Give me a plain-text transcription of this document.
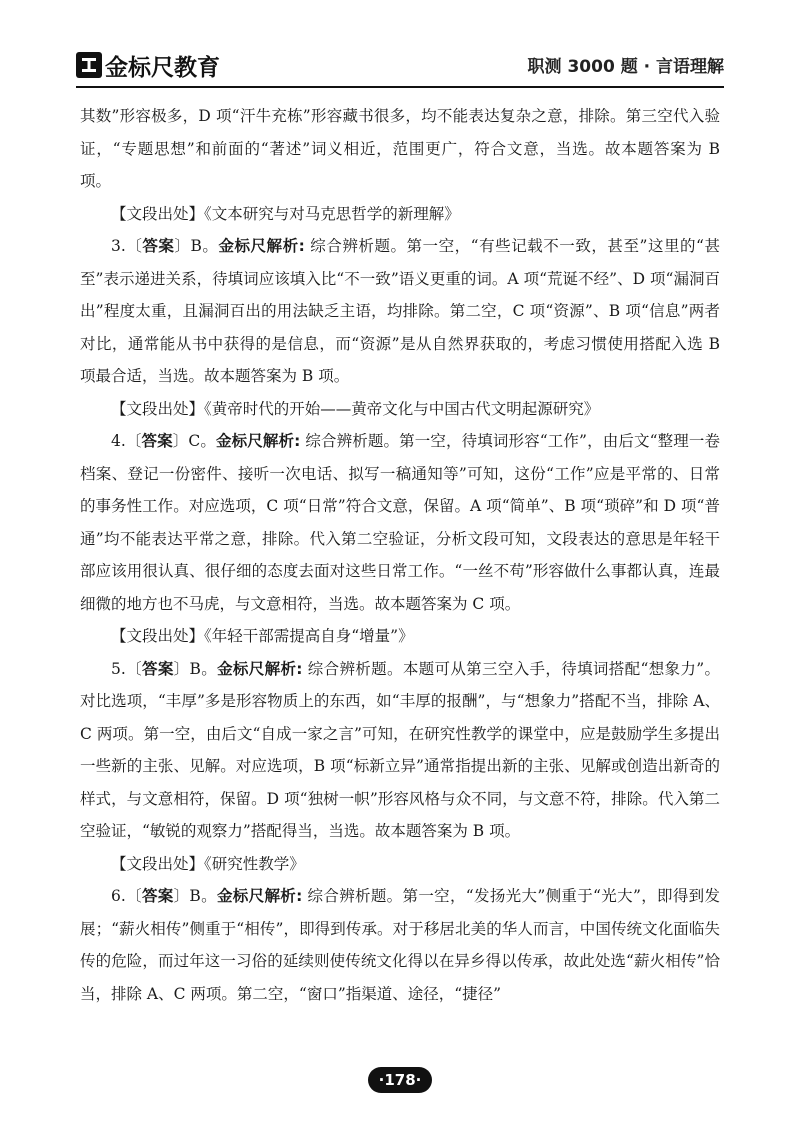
金标尺教育	职测 3000 题 · 言语理解

其数”形容极多，D 项“汗牛充栋”形容藏书很多，均不能表达复杂之意，排除。第三空代入验证，“专题思想”和前面的“著述”词义相近，范围更广，符合文意，当选。故本题答案为 B 项。

【文段出处】《文本研究与对马克思哲学的新理解》

3.〔答案〕B。金标尺解析: 综合辨析题。第一空，“有些记载不一致，甚至”这里的“甚至”表示递进关系，待填词应该填入比“不一致”语义更重的词。A 项“荒诞不经”、D 项“漏洞百出”程度太重，且漏洞百出的用法缺乏主语，均排除。第二空，C 项“资源”、B 项“信息”两者对比，通常能从书中获得的是信息，而“资源”是从自然界获取的，考虑习惯使用搭配入选 B 项最合适，当选。故本题答案为 B 项。

【文段出处】《黄帝时代的开始——黄帝文化与中国古代文明起源研究》

4.〔答案〕C。金标尺解析: 综合辨析题。第一空，待填词形容“工作”，由后文“整理一卷档案、登记一份密件、接听一次电话、拟写一稿通知等”可知，这份“工作”应是平常的、日常的事务性工作。对应选项，C 项“日常”符合文意，保留。A 项“简单”、B 项“琐碎”和 D 项“普通”均不能表达平常之意，排除。代入第二空验证，分析文段可知，文段表达的意思是年轻干部应该用很认真、很仔细的态度去面对这些日常工作。“一丝不苟”形容做什么事都认真，连最细微的地方也不马虎，与文意相符，当选。故本题答案为 C 项。

【文段出处】《年轻干部需提高自身“增量”》

5.〔答案〕B。金标尺解析: 综合辨析题。本题可从第三空入手，待填词搭配“想象力”。对比选项，“丰厚”多是形容物质上的东西，如“丰厚的报酬”，与“想象力”搭配不当，排除 A、C 两项。第一空，由后文“自成一家之言”可知，在研究性教学的课堂中，应是鼓励学生多提出一些新的主张、见解。对应选项，B 项“标新立异”通常指提出新的主张、见解或创造出新奇的样式，与文意相符，保留。D 项“独树一帜”形容风格与众不同，与文意不符，排除。代入第二空验证，“敏锐的观察力”搭配得当，当选。故本题答案为 B 项。

【文段出处】《研究性教学》

6.〔答案〕B。金标尺解析: 综合辨析题。第一空，“发扬光大”侧重于“光大”，即得到发展；“薪火相传”侧重于“相传”，即得到传承。对于移居北美的华人而言，中国传统文化面临失传的危险，而过年这一习俗的延续则使传统文化得以在异乡得以传承，故此处选“薪火相传”恰当，排除 A、C 两项。第二空，“窗口”指渠道、途径，“捷径”

·178·
